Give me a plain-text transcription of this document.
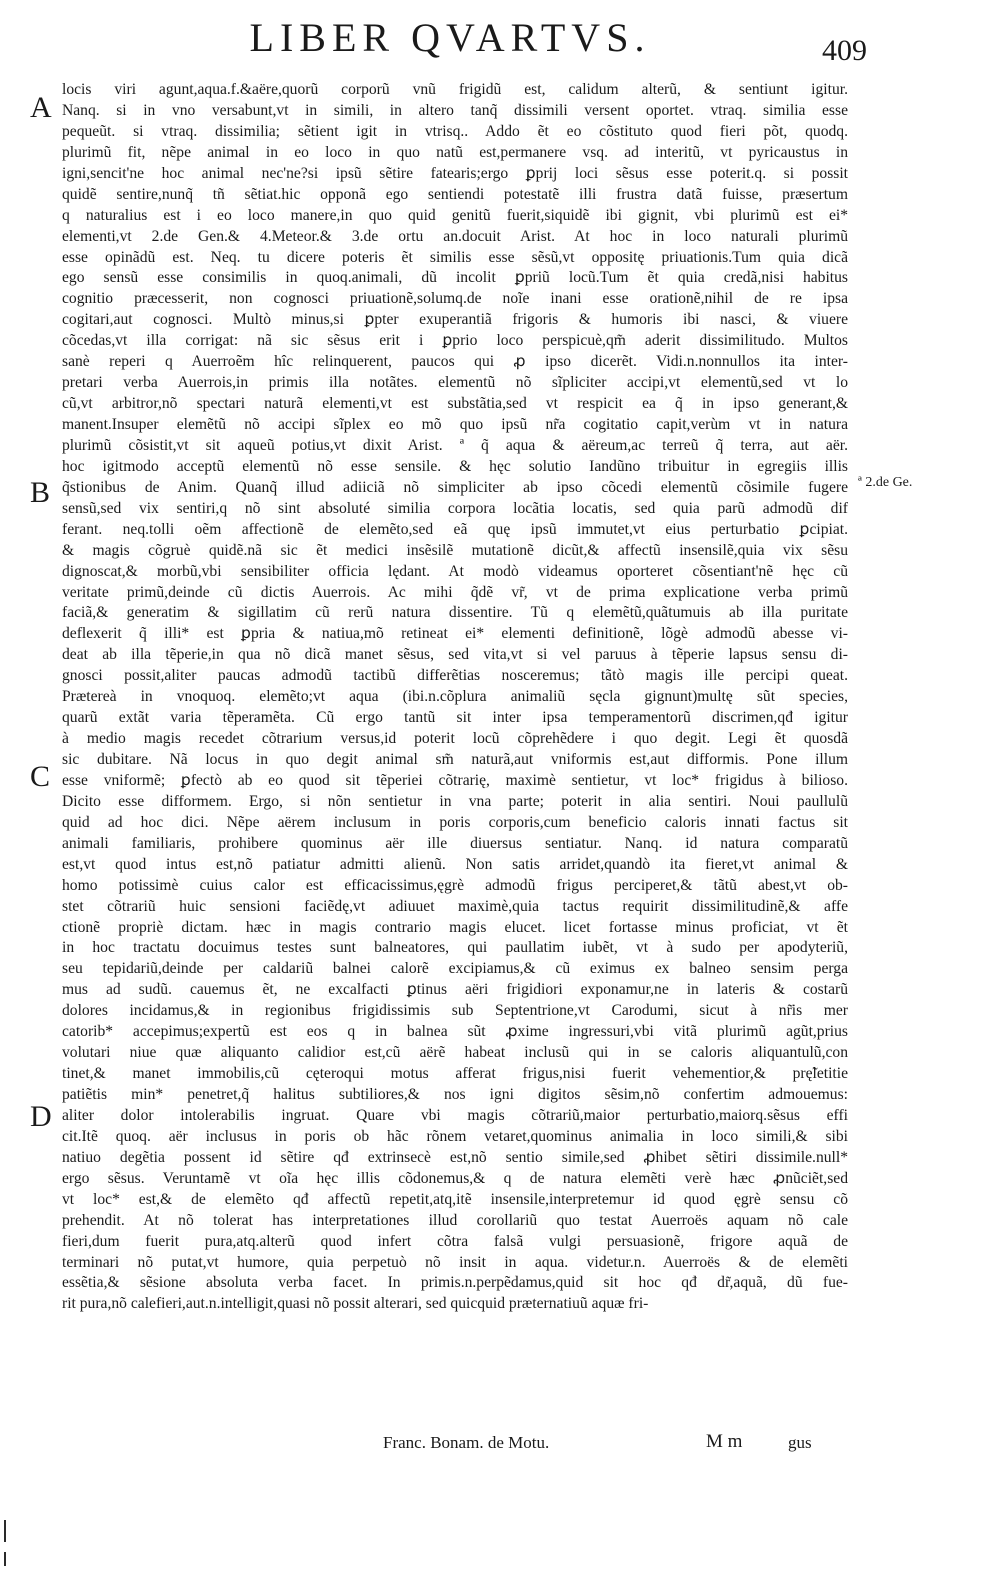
LIBER QVARTVS.	409
A
B
C
D
ª 2.de Ge.
locis viri agunt,aqua.f.&aëre,quorũ corporũ vnũ frigidũ est, calidum alterũ, & sentiunt igitur.
Nanq. si in vno versabunt,vt in simili, in altero tanq̃ dissimili versent oportet. vtraq. similia esse
pequeũt. si vtraq. dissimilia; sẽtient igit in vtrisq.. Addo ẽt eo cõstituto quod fieri põt, quodq.
plurimũ fit, nẽpe animal in eo loco in quo natũ est,permanere vsq. ad interitũ, vt pyricaustus in
igni,sencit'ne hoc animal nec'ne?si ipsũ sẽtire fatearis;ergo ꝑprij loci sẽsus esse poterit.q. si possit
quidẽ sentire,nunq̃ tñ sẽtiat.hic opponã ego sentiendi potestatẽ illi frustra datã fuisse, præsertum
q naturalius est i eo loco manere,in quo quid genitũ fuerit,siquidẽ ibi gignit, vbi plurimũ est ei*
elementi,vt 2.de Gen.& 4.Meteor.& 3.de ortu an.docuit Arist. At hoc in loco naturali plurimũ
esse opinãdũ est. Neq. tu dicere poteris ẽt similis esse sẽsũ,vt oppositę priuationis.Tum quia dicã
ego sensũ esse consimilis in quoq.animali, dũ incolit ꝑpriũ locũ.Tum ẽt quia credã,nisi habitus
cognitio præcesserit, non cognosci priuationẽ,solumq.de noĩe inani esse orationẽ,nihil de re ipsa
cogitari,aut cognosci. Multò minus,si ꝑpter exuperantiã frigoris & humoris ibi nasci, & viuere
cõcedas,vt illa corrigat: nã sic sẽsus erit i ꝑprio loco perspicuè,qm̃ aderit dissimilitudo. Multos
sanè reperi q Auerroẽm hîc relinquerent, paucos qui ꝓ ipso dicerẽt. Vidi.n.nonnullos ita inter-
pretari verba Auerrois,in primis illa notãtes. elementũ nõ sĩpliciter accipi,vt elementũ,sed vt lo
cũ,vt arbitror,nõ spectari naturã elementi,vt est substãtia,sed vt respicit ea q̃ in ipso generant,&
manent.Insuper elemẽtũ nõ accipi sĩplex eo mõ quo ipsũ nr̃a cogitatio capit,verùm vt in natura
plurimũ cõsistit,vt sit aqueũ potius,vt dixit Arist. ª q̃ aqua & aëreum,ac terreũ q̃ terra, aut aër.
hoc igitmodo acceptũ elementũ nõ esse sensile. & hęc solutio Iandũno tribuitur in egregiis illis
q̃stionibus de Anim. Quanq̃ illud adiiciã nõ simpliciter ab ipso cõcedi elementũ cõsimile fugere
sensũ,sed vix sentiri,q nõ sint absoluté similia corpora locãtia locatis, sed quia parũ admodũ dif
ferant. neq.tolli oẽm affectionẽ de elemẽto,sed eã quę ipsũ immutet,vt eius perturbatio ꝑcipiat.
& magis cõgruè quidẽ.nã sic ẽt medici insẽsilẽ mutationẽ dicũt,& affectũ insensilẽ,quia vix sẽsu
dignoscat,& morbũ,vbi sensibiliter officia lędant. At modò videamus oporteret cõsentiant'nẽ hęc cũ
veritate primũ,deinde cũ dictis Auerrois. Ac mihi q̃dẽ vr̃, vt de prima explicatione verba primũ
faciã,& generatim & sigillatim cũ rerũ natura dissentire. Tũ q elemẽtũ,quãtumuis ab illa puritate
deflexerit q̃ illi* est ꝑpria & natiua,mõ retineat ei* elementi definitionẽ, lõgè admodũ abesse vi-
deat ab illa tẽperie,in qua nõ dicã manet sẽsus, sed vita,vt si vel paruus à tẽperie lapsus sensu di-
gnosci possit,aliter paucas admodũ tactibũ differẽtias nosceremus; tãtò magis ille percipi queat.
Prætereà in vnoquoq. elemẽto;vt aqua (ibi.n.cõplura animaliũ sęcla gignunt)multę sũt species,
quarũ extãt varia tẽperamẽta. Cũ ergo tantũ sit inter ipsa temperamentorũ discrimen,qđ igitur
à medio magis recedet cõtrarium versus,id poterit locũ cõprehẽdere i quo degit. Legi ẽt quosdã
sic dubitare. Nã locus in quo degit animal sm̃ naturã,aut vniformis est,aut difformis. Pone illum
esse vniformẽ; ꝑfectò ab eo quod sit tẽperiei cõtrarię, maximè sentietur, vt loc* frigidus à bilioso.
Dicito esse difformem. Ergo, si nõn sentietur in vna parte; poterit in alia sentiri. Noui paullulũ
quid ad hoc dici. Nẽpe aërem inclusum in poris corporis,cum beneficio caloris innati factus sit
animali familiaris, prohibere quominus aër ille diuersus sentiatur. Nanq. id natura comparatũ
est,vt quod intus est,nõ patiatur admitti alienũ. Non satis arridet,quandò ita fieret,vt animal &
homo potissimè cuius calor est efficacissimus,ęgrè admodũ frigus perciperet,& tãtũ abest,vt ob-
stet cõtrariũ huic sensioni faciẽdę,vt adiuuet maximè,quia tactus requirit dissimilitudinẽ,& affe
ctionẽ propriè dictam. hæc in magis contrario magis elucet. licet fortasse minus proficiat, vt ẽt
in hoc tractatu docuimus testes sunt balneatores, qui paullatim iubẽt, vt à sudo per apodyteriũ,
seu tepidariũ,deinde per caldariũ balnei calorẽ excipiamus,& cũ eximus ex balneo sensim perga
mus ad sudũ. cauemus ẽt, ne excalfacti ꝑtinus aëri frigidiori exponamur,ne in lateris & costarũ
dolores incidamus,& in regionibus frigidissimis sub Septentrione,vt Carodumi, sicut à nr̃is mer
catorib* accepimus;expertũ est eos q in balnea sũt ꝓxime ingressuri,vbi vitã plurimũ agũt,prius
volutari niue quæ aliquanto calidior est,cũ aërẽ habeat inclusũ qui in se caloris aliquantulũ,con
tinet,& manet immobilis,cũ cęteroqui motus afferat frigus,nisi fuerit vehementior,& prę̃letitie
patiẽtis min* penetret,q̃ halitus subtiliores,& nos igni digitos sẽsim,nõ confertim admouemus:
aliter dolor intolerabilis ingruat. Quare vbi magis cõtrariũ,maior perturbatio,maiorq.sẽsus effi
cit.Itẽ quoq. aër inclusus in poris ob hãc rõnem vetaret,quominus animalia in loco simili,& sibi
natiuo degẽtia possent id sẽtire qđ extrinsecè est,nõ sentio simile,sed ꝓhibet sẽtiri dissimile.null*
ergo sẽsus. Veruntamẽ vt oĩa hęc illis cõdonemus,& q de natura elemẽti verè hæc ꝓnũciẽt,sed
vt loc* est,& de elemẽto qđ affectũ repetit,atq,itẽ insensile,interpretemur id quod ęgrè sensu cõ
prehendit. At nõ tolerat has interpretationes illud corollariũ quo testat Auerroës aquam nõ cale
fieri,dum fuerit pura,atq.alterũ quod infert cõtra falsã vulgi persuasionẽ, frigore aquã de
terminari nõ putat,vt humore, quia perpetuò nõ insit in aqua. videtur.n. Auerroës & de elemẽti
essẽtia,& sẽsione absoluta verba facet. In primis.n.perpẽdamus,quid sit hoc qđ dr̃,aquã, dũ fue-
rit pura,nõ calefieri,aut.n.intelligit,quasi nõ possit alterari, sed quicquid præternatiuũ aquæ fri-
Franc. Bonam. de Motu.	M m	gus
